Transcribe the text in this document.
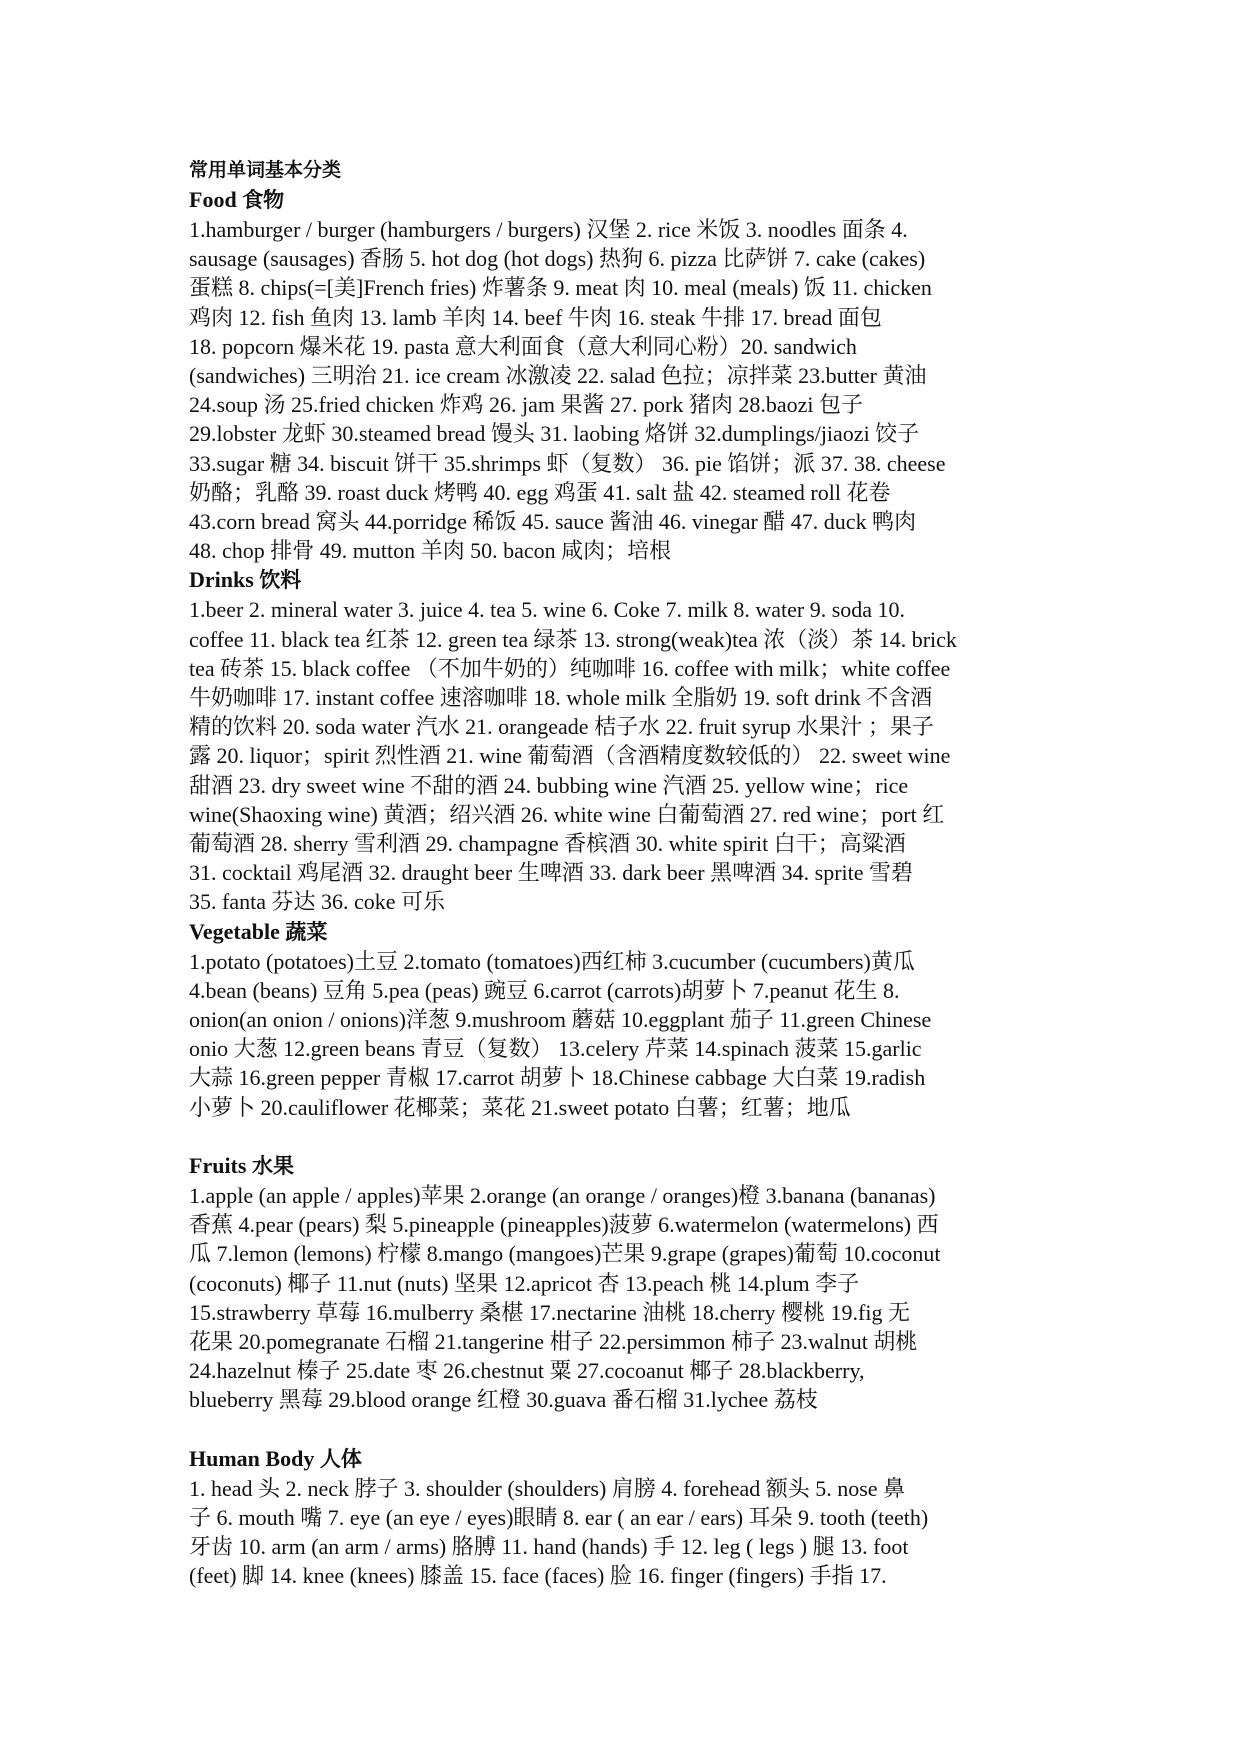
常用单词基本分类

Food 食物

1.hamburger / burger (hamburgers / burgers) 汉堡 2. rice 米饭 3. noodles 面条 4.
sausage (sausages) 香肠 5. hot dog (hot dogs) 热狗 6. pizza 比萨饼 7. cake (cakes)
蛋糕 8. chips(=[美]French fries) 炸薯条 9. meat 肉 10. meal (meals) 饭 11. chicken
鸡肉 12. fish 鱼肉 13. lamb 羊肉 14. beef 牛肉 16. steak 牛排 17. bread 面包
18. popcorn 爆米花 19. pasta 意大利面食（意大利同心粉）20. sandwich
(sandwiches) 三明治 21. ice cream 冰激凌 22. salad 色拉；凉拌菜 23.butter 黄油
24.soup 汤 25.fried chicken 炸鸡 26. jam 果酱 27. pork 猪肉 28.baozi 包子
29.lobster 龙虾 30.steamed bread 馒头 31. laobing 烙饼 32.dumplings/jiaozi 饺子
33.sugar 糖 34. biscuit 饼干 35.shrimps 虾（复数） 36. pie 馅饼；派 37. 38. cheese
奶酪；乳酪 39. roast duck 烤鸭 40. egg 鸡蛋 41. salt 盐 42. steamed roll 花卷
43.corn bread 窝头 44.porridge 稀饭 45. sauce 酱油 46. vinegar 醋 47. duck 鸭肉
48. chop 排骨 49. mutton 羊肉 50. bacon 咸肉；培根

Drinks 饮料

1.beer 2. mineral water 3. juice 4. tea 5. wine 6. Coke 7. milk 8. water 9. soda 10.
coffee 11. black tea 红茶 12. green tea 绿茶 13. strong(weak)tea 浓（淡）茶 14. brick
tea 砖茶 15. black coffee （不加牛奶的）纯咖啡 16. coffee with milk；white coffee
牛奶咖啡 17. instant coffee 速溶咖啡 18. whole milk 全脂奶 19. soft drink 不含酒
精的饮料 20. soda water 汽水 21. orangeade 桔子水 22. fruit syrup 水果汁 ；果子
露 20. liquor；spirit 烈性酒 21. wine 葡萄酒（含酒精度数较低的） 22. sweet wine
甜酒 23. dry sweet wine 不甜的酒 24. bubbing wine 汽酒 25. yellow wine；rice
wine(Shaoxing wine) 黄酒；绍兴酒 26. white wine 白葡萄酒 27. red wine；port 红
葡萄酒 28. sherry 雪利酒 29. champagne 香槟酒 30. white spirit 白干；高粱酒
31. cocktail 鸡尾酒 32. draught beer 生啤酒 33. dark beer 黑啤酒 34. sprite 雪碧
35. fanta 芬达 36. coke 可乐

Vegetable 蔬菜

1.potato (potatoes)土豆 2.tomato (tomatoes)西红柿 3.cucumber (cucumbers)黄瓜
4.bean (beans) 豆角 5.pea (peas) 豌豆 6.carrot (carrots)胡萝卜 7.peanut 花生 8.
onion(an onion / onions)洋葱 9.mushroom 蘑菇 10.eggplant 茄子 11.green Chinese
onio 大葱 12.green beans 青豆（复数） 13.celery 芹菜 14.spinach 菠菜 15.garlic
大蒜 16.green pepper 青椒 17.carrot 胡萝卜 18.Chinese cabbage 大白菜 19.radish
小萝卜 20.cauliflower 花椰菜；菜花 21.sweet potato 白薯；红薯；地瓜

Fruits 水果

1.apple (an apple / apples)苹果 2.orange (an orange / oranges)橙 3.banana (bananas)
香蕉 4.pear (pears) 梨 5.pineapple (pineapples)菠萝 6.watermelon (watermelons) 西
瓜 7.lemon (lemons) 柠檬 8.mango (mangoes)芒果 9.grape (grapes)葡萄 10.coconut
(coconuts) 椰子 11.nut (nuts) 坚果 12.apricot 杏 13.peach 桃 14.plum 李子
15.strawberry 草莓 16.mulberry 桑椹 17.nectarine 油桃 18.cherry 樱桃 19.fig 无
花果 20.pomegranate 石榴 21.tangerine 柑子 22.persimmon 柿子 23.walnut 胡桃
24.hazelnut 榛子 25.date 枣 26.chestnut 粟 27.cocoanut 椰子 28.blackberry,
blueberry 黑莓 29.blood orange 红橙 30.guava 番石榴 31.lychee 荔枝

Human Body 人体

1. head 头 2. neck 脖子 3. shoulder (shoulders) 肩膀 4. forehead 额头 5. nose 鼻
子 6. mouth 嘴 7. eye (an eye / eyes)眼睛 8. ear ( an ear / ears) 耳朵 9. tooth (teeth)
牙齿 10. arm (an arm / arms) 胳膊 11. hand (hands) 手 12. leg ( legs ) 腿 13. foot
(feet) 脚 14. knee (knees) 膝盖 15. face (faces) 脸 16. finger (fingers) 手指 17.
